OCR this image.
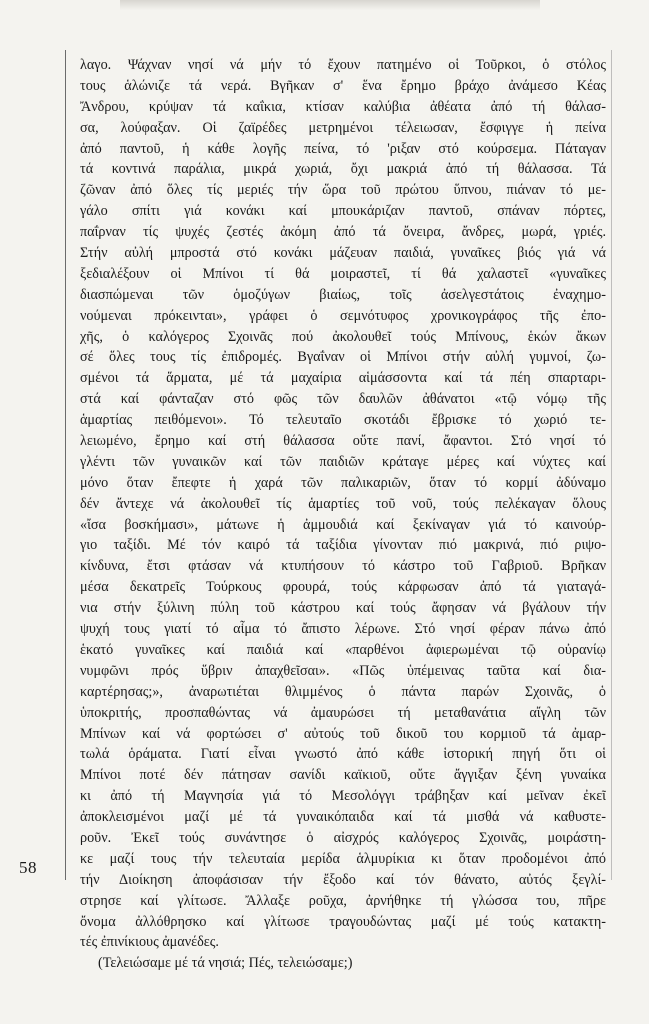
58
λαγο. Ψάχναν νησί νά μήν τό ἔχουν πατημένο οἱ Τοῦρκοι, ὁ στόλος
τους ἁλώνιζε τά νερά. Βγῆκαν σ' ἕνα ἔρημο βράχο ἀνάμεσο Κέας
Ἄνδρου, κρύψαν τά καΐκια, κτίσαν καλύβια ἀθέατα ἀπό τή θάλασ-
σα, λούφαξαν. Οἱ ζαϊρέδες μετρημένοι τέλειωσαν, ἔσφιγγε ἡ πείνα
ἀπό παντοῦ, ἡ κάθε λογῆς πείνα, τό 'ριξαν στό κούρσεμα. Πάταγαν
τά κοντινά παράλια, μικρά χωριά, ὄχι μακριά ἀπό τή θάλασσα. Τά
ζῶναν ἀπό ὅλες τίς μεριές τήν ὥρα τοῦ πρώτου ὕπνου, πιάναν τό με-
γάλο σπίτι γιά κονάκι καί μπουκάριζαν παντοῦ, σπάναν πόρτες,
παΐρναν τίς ψυχές ζεστές ἀκόμη ἀπό τά ὄνειρα, ἄνδρες, μωρά, γριές.
Στήν αὐλή μπροστά στό κονάκι μάζευαν παιδιά, γυναῖκες βιός γιά νά
ξεδιαλέξουν οἱ Μπίνοι τί θά μοιραστεῖ, τί θά χαλαστεῖ «γυναῖκες
διασπώμεναι τῶν ὁμοζύγων βιαίως, τοῖς ἀσελγεστάτοις ἐναχημο-
νούμεναι πρόκεινται», γράφει ὁ σεμνότυφος χρονικογράφος τῆς ἐπο-
χῆς, ὁ καλόγερος Σχοινᾶς πού ἀκολουθεῖ τούς Μπίνους, ἑκών ἄκων
σέ ὅλες τους τίς ἐπιδρομές. Βγαΐναν οἱ Μπίνοι στήν αὐλή γυμνοί, ζω-
σμένοι τά ἅρματα, μέ τά μαχαίρια αἱμάσσοντα καί τά πέη σπαρταρι-
στά καί φάνταζαν στό φῶς τῶν δαυλῶν ἀθάνατοι «τῷ νόμῳ τῆς
ἁμαρτίας πειθόμενοι». Τό τελευταῖο σκοτάδι ἔβρισκε τό χωριό τε-
λειωμένο, ἔρημο καί στή θάλασσα οὔτε πανί, ἄφαντοι. Στό νησί τό
γλέντι τῶν γυναικῶν καί τῶν παιδιῶν κράταγε μέρες καί νύχτες καί
μόνο ὅταν ἔπεφτε ἡ χαρά τῶν παλικαριῶν, ὅταν τό κορμί ἀδύναμο
δέν ἄντεχε νά ἀκολουθεῖ τίς ἁμαρτίες τοῦ νοῦ, τούς πελέκαγαν ὅλους
«ἴσα βοσκήμασι», μάτωνε ἡ ἀμμουδιά καί ξεκίναγαν γιά τό καινούρ-
γιο ταξίδι. Μέ τόν καιρό τά ταξίδια γίνονταν πιό μακρινά, πιό ριψο-
κίνδυνα, ἔτσι φτάσαν νά κτυπήσουν τό κάστρο τοῦ Γαβριοῦ. Βρῆκαν
μέσα δεκατρεῖς Τούρκους φρουρά, τούς κάρφωσαν ἀπό τά γιαταγά-
νια στήν ξύλινη πύλη τοῦ κάστρου καί τούς ἄφησαν νά βγάλουν τήν
ψυχή τους γιατί τό αἷμα τό ἄπιστο λέρωνε. Στό νησί φέραν πάνω ἀπό
ἑκατό γυναῖκες καί παιδιά καί «παρθένοι ἀφιερωμέναι τῷ οὐρανίῳ
νυμφῶνι πρός ὕβριν ἀπαχθεῖσαι». «Πῶς ὑπέμεινας ταῦτα καί δια-
καρτέρησας;», ἀναρωτιέται θλιμμένος ὁ πάντα παρών Σχοινᾶς, ὁ
ὑποκριτής, προσπαθώντας νά ἀμαυρώσει τή μεταθανάτια αἴγλη τῶν
Μπίνων καί νά φορτώσει σ' αὐτούς τοῦ δικοῦ του κορμιοῦ τά ἀμαρ-
τωλά ὁράματα. Γιατί εἶναι γνωστό ἀπό κάθε ἱστορική πηγή ὅτι οἱ
Μπίνοι ποτέ δέν πάτησαν σανίδι καϊκιοῦ, οὔτε ἄγγιξαν ξένη γυναίκα
κι ἀπό τή Μαγνησία γιά τό Μεσολόγγι τράβηξαν καί μεῖναν ἐκεῖ
ἀποκλεισμένοι μαζί μέ τά γυναικόπαιδα καί τά μισθά νά καθυστε-
ροῦν. Ἐκεῖ τούς συνάντησε ὁ αἰσχρός καλόγερος Σχοινᾶς, μοιράστη-
κε μαζί τους τήν τελευταία μερίδα ἁλμυρίκια κι ὅταν προδομένοι ἀπό
τήν Διοίκηση ἀποφάσισαν τήν ἔξοδο καί τόν θάνατο, αὐτός ξεγλί-
στρησε καί γλίτωσε. Ἄλλαξε ροῦχα, ἀρνήθηκε τή γλώσσα του, πῆρε
ὄνομα ἀλλόθρησκο καί γλίτωσε τραγουδώντας μαζί μέ τούς κατακτη-
τές ἐπινίκιους ἀμανέδες.
(Τελειώσαμε μέ τά νησιά; Πές, τελειώσαμε;)
